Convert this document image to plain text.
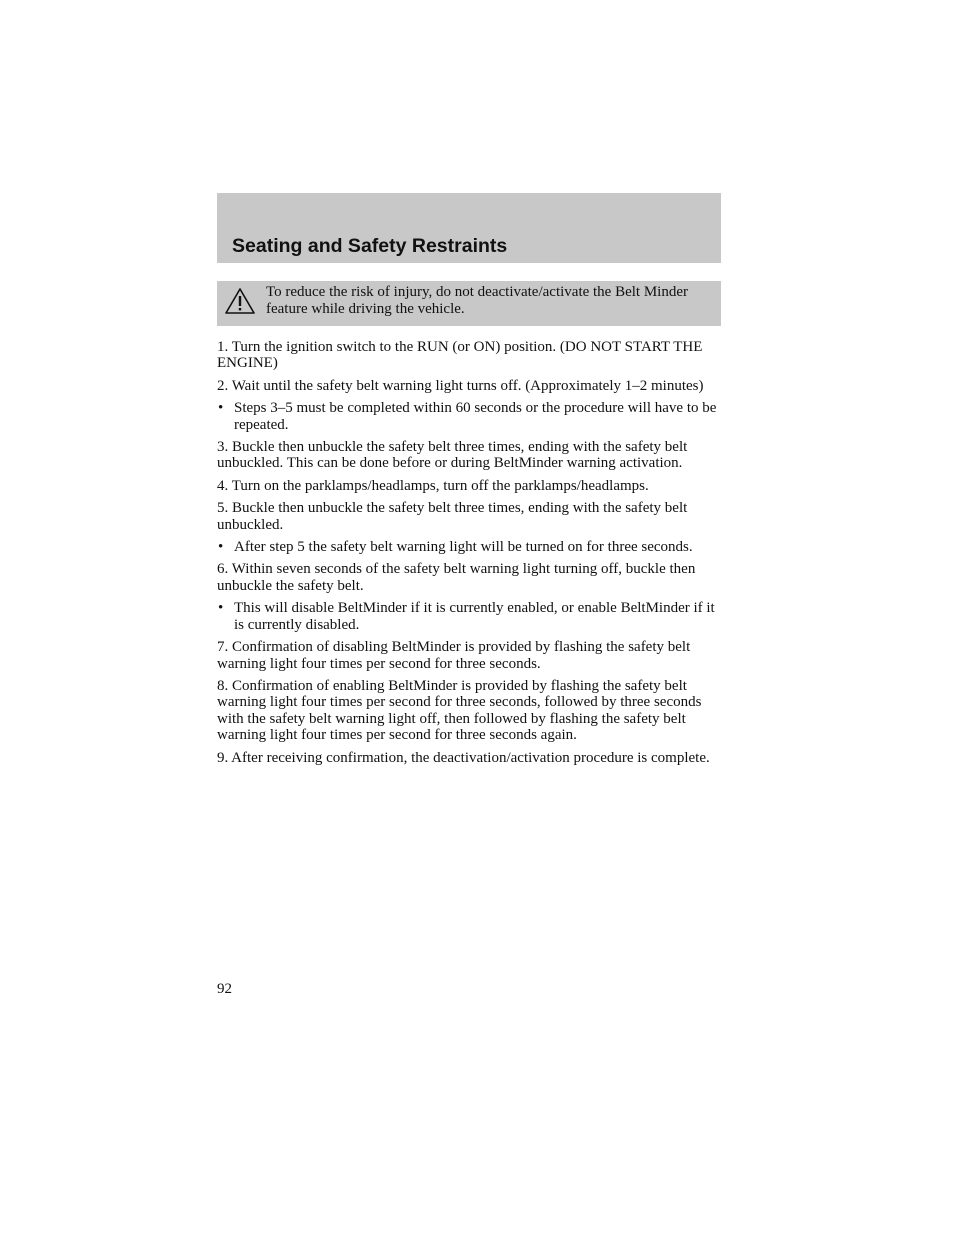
Seating and Safety Restraints

To reduce the risk of injury, do not deactivate/activate the Belt Minder feature while driving the vehicle.

1. Turn the ignition switch to the RUN (or ON) position. (DO NOT START THE ENGINE)

2. Wait until the safety belt warning light turns off. (Approximately 1–2 minutes)

• Steps 3–5 must be completed within 60 seconds or the procedure will have to be repeated.

3. Buckle then unbuckle the safety belt three times, ending with the safety belt unbuckled. This can be done before or during BeltMinder warning activation.

4. Turn on the parklamps/headlamps, turn off the parklamps/headlamps.

5. Buckle then unbuckle the safety belt three times, ending with the safety belt unbuckled.

• After step 5 the safety belt warning light will be turned on for three seconds.

6. Within seven seconds of the safety belt warning light turning off, buckle then unbuckle the safety belt.

• This will disable BeltMinder if it is currently enabled, or enable BeltMinder if it is currently disabled.

7. Confirmation of disabling BeltMinder is provided by flashing the safety belt warning light four times per second for three seconds.

8. Confirmation of enabling BeltMinder is provided by flashing the safety belt warning light four times per second for three seconds, followed by three seconds with the safety belt warning light off, then followed by flashing the safety belt warning light four times per second for three seconds again.

9. After receiving confirmation, the deactivation/activation procedure is complete.

92
